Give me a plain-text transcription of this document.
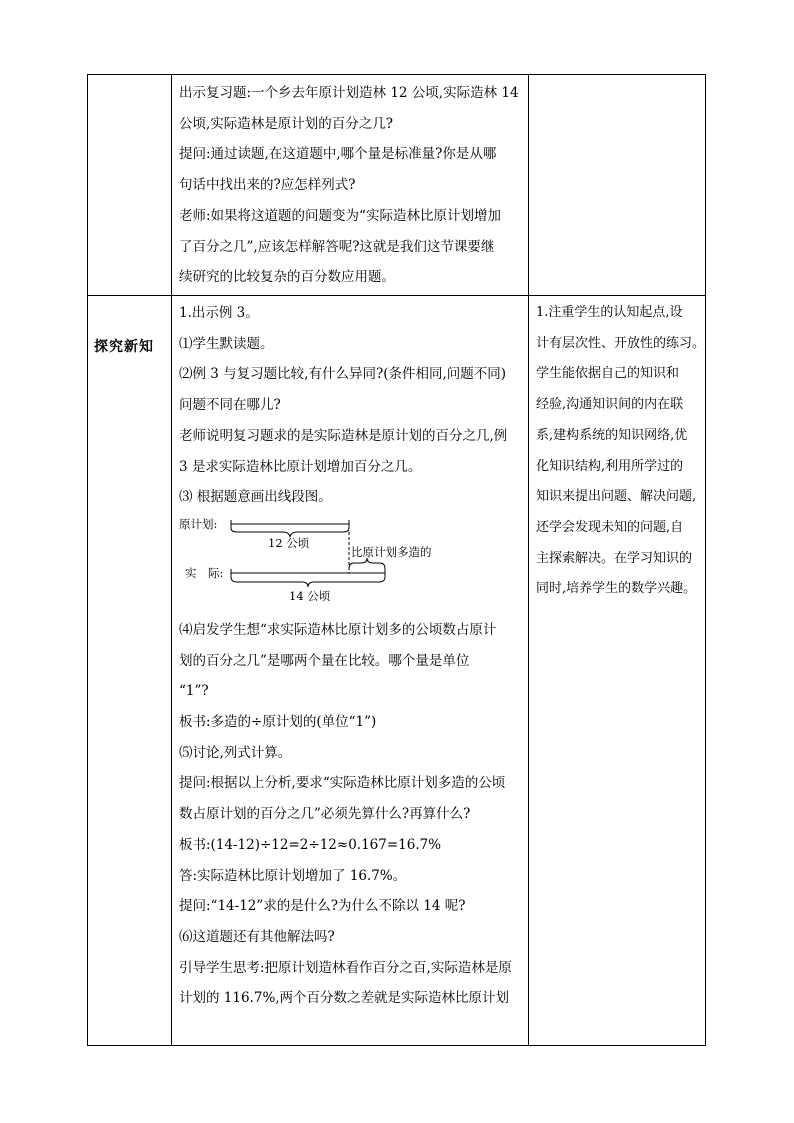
出示复习题:一个乡去年原计划造林 12 公顷,实际造林 14

公顷,实际造林是原计划的百分之几?

提问:通过读题,在这道题中,哪个量是标准量?你是从哪

句话中找出来的?应怎样列式?

老师:如果将这道题的问题变为“实际造林比原计划增加

了百分之几”,应该怎样解答呢?这就是我们这节课要继

续研究的比较复杂的百分数应用题。

探究新知

1.出示例 3。

⑴学生默读题。

⑵例 3 与复习题比较,有什么异同?(条件相同,问题不同)

问题不同在哪儿?

老师说明复习题求的是实际造林是原计划的百分之几,例

3 是求实际造林比原计划增加百分之几。

⑶ 根据题意画出线段图。

原计划:
12 公顷
比原计划多造的
实　际:
14 公顷

⑷启发学生想“求实际造林比原计划多的公顷数占原计

划的百分之几”是哪两个量在比较。哪个量是单位

“1”?

板书:多造的÷原计划的(单位“1”)

⑸讨论,列式计算。

提问:根据以上分析,要求“实际造林比原计划多造的公顷

数占原计划的百分之几”必须先算什么?再算什么?

板书:(14-12)÷12=2÷12≈0.167=16.7%

答:实际造林比原计划增加了 16.7%。

提问:“14-12”求的是什么?为什么不除以 14 呢?

⑹这道题还有其他解法吗?

引导学生思考:把原计划造林看作百分之百,实际造林是原

计划的 116.7%,两个百分数之差就是实际造林比原计划

1.注重学生的认知起点,设

计有层次性、开放性的练习。

学生能依据自己的知识和

经验,沟通知识间的内在联

系,建构系统的知识网络,优

化知识结构,利用所学过的

知识来提出问题、解决问题,

还学会发现未知的问题,自

主探索解决。在学习知识的

同时,培养学生的数学兴趣。
